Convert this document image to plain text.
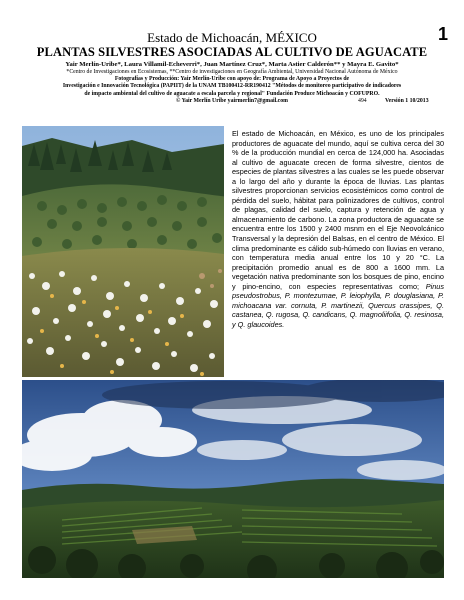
1
Estado de Michoacán, MÉXICO
PLANTAS SILVESTRES ASOCIADAS AL CULTIVO DE AGUACATE
Yair Merlín-Uribe*, Laura Villamil-Echeverri*, Juan Martínez Cruz*, Marta Astier Calderón** y Mayra E. Gavito*
*Centro de Investigaciones en Ecosistemas, **Centro de investigaciones en Geografía Ambiental, Universidad Nacional Autónoma de México
Fotografías y Producción: Yair Merlín-Uribe con apoyo de: Programa de Apoyo a Proyectos de
Investigación e Innovación Tecnológica (PAPIIT) de la UNAM TB100412-RR190412 "Métodos de monitoreo participativo de indicadores
de impacto ambiental del cultivo de aguacate a escala parcela y regional" Fundación Produce Michoacán y COFUPRO.
© Yair Merlín Uribe yairmerlin7@gmail.com	494	Versión 1 10/2013

El estado de Michoacán, en México, es uno de los principales productores de aguacate del mundo, aquí se cultiva cerca del 30 % de la producción mundial en cerca de 124,000 ha. Asociadas al cultivo de aguacate crecen de forma silvestre, cientos de especies de plantas silvestres a las cuales se les puede observar a lo largo del año y durante la época de lluvias. Las plantas silvestres proporcionan servicios ecosistémicos como control de pérdida del suelo, hábitat para polinizadores de cultivos, control de plagas, calidad del suelo, captura y retención de agua y almacenamiento de carbono. La zona productora de aguacate se encuentra entre los 1500 y 2400 msnm en el Eje Neovolcánico Transversal y la depresión del Balsas, en el centro de México. El clima predominante es cálido sub-húmedo con lluvias en verano, con temperatura media anual entre los 10 y 20 °C. La precipitación promedio anual es de 800 a 1600 mm. La vegetación nativa predominante son los bosques de pino, encino y pino-encino, con especies representativas como; Pinus pseudostrobus, P. montezumae, P. leiophylla, P. douglasiana, P. michoacana var. cornuta, P. martinezii, Quercus crassipes, Q. castanea, Q. rugosa, Q. candicans, Q. magnoliifolia, Q. resinosa, y Q. glaucoides.
